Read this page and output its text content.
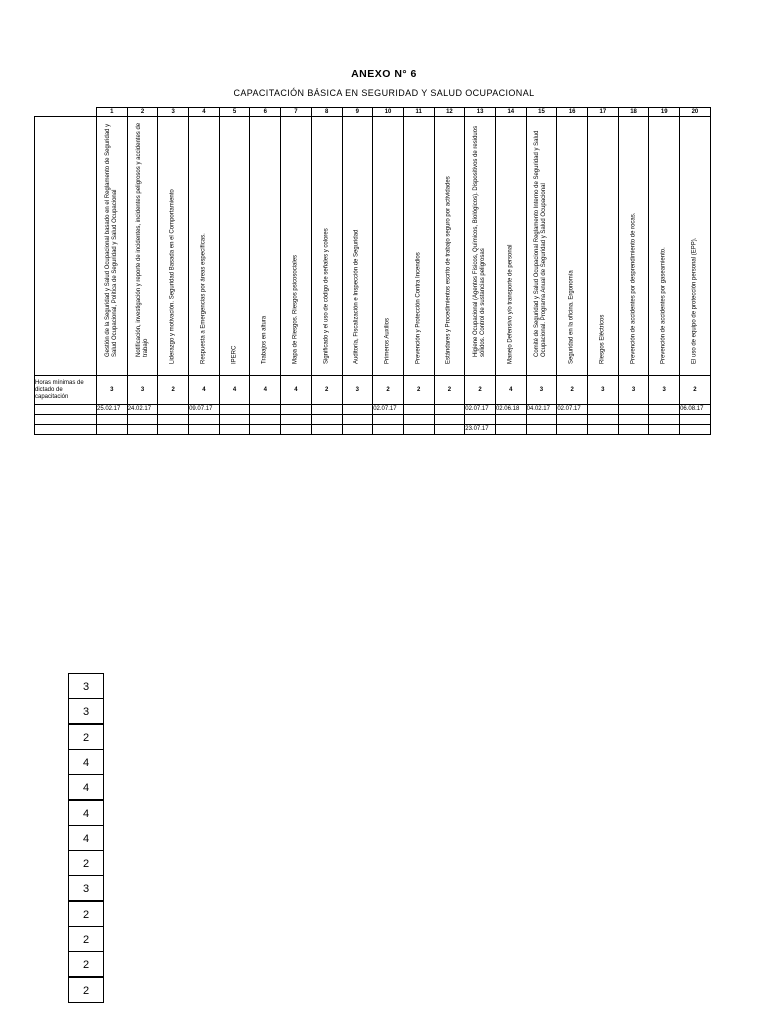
ANEXO N° 6
CAPACITACIÓN BÁSICA EN SEGURIDAD Y SALUD OCUPACIONAL
	1	2	3	4	5	6	7	8	9	10	11	12	13	14	15	16	17	18	19	20

	Gestión de la Seguridad y Salud Ocupacional basado en el Reglamento de Seguridad y Salud Ocupacional, Política de Seguridad y Salud Ocupacional	Notificación, investigación y reporte de incidentes, incidentes peligrosos y accidentes de trabajo	Liderazgo y motivación. Seguridad Basada en el Comportamiento	Respuesta a Emergencias por áreas específicas.	IPERC	Trabajos en altura	Mapa de Riesgos. Riesgos psicosociales	Significado y el uso de código de señales y colores	Auditoría, Fiscalización e Inspección de Seguridad	Primeros Auxilios	Prevención y Protección Contra Incendios	Estándares y Procedimientos escrito de trabajo seguro por actividades	Higiene Ocupacional (Agentes Físicos, Químicos, Biológicos). Dispositivos de residuos sólidos. Control de sustancias peligrosas	Manejo Defensivo y/o transporte de personal	Comité de Seguridad y Salud Ocupacional Reglamento Interno de Seguridad y Salud Ocupacional. Programa Anual de Seguridad y Salud Ocupacional	Seguridad en la oficina. Ergonomía	Riesgos Eléctricos	Prevención de accidentes por desprendimiento de rocas.	Prevención de accidentes por gaseamiento.	El uso de equipo de protección personal (EPP).

Horas mínimas de dictado de capacitación	3	3	2	4	4	4	4	2	3	2	2	2	2	4	3	2	3	3	3	2
	25.02.17	24.02.17		09.07.17						02.07.17			02.07.17	02.06.18	04.02.17	02.07.17				06.08.17

													23.07.17							
3
3
2
4
4
4
4
2
3
2
2
2
2
